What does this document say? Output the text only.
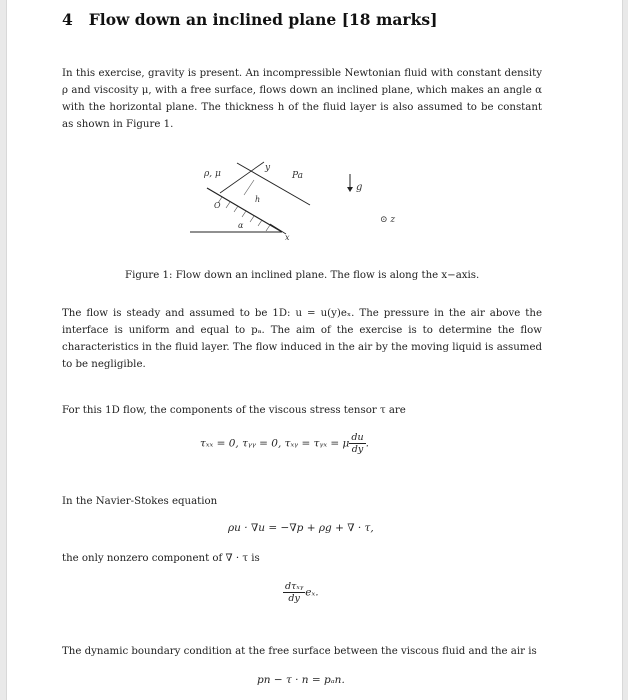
4 Flow down an inclined plane [18 marks]
In this exercise, gravity is present. An incompressible Newtonian fluid with constant density ρ and viscosity μ, with a free surface, flows down an inclined plane, which makes an angle α with the horizontal plane. The thickness h of the fluid layer is also assumed to be constant as shown in Figure 1.
ρ, μ
y
Pa
g
O
h
α
x
⊙ z
Figure 1: Flow down an inclined plane. The flow is along the x−axis.
The flow is steady and assumed to be 1D: u = u(y)eₓ. The pressure in the air above the interface is uniform and equal to pₐ. The aim of the exercise is to determine the flow characteristics in the fluid layer. The flow induced in the air by the moving liquid is assumed to be negligible.
For this 1D flow, the components of the viscous stress tensor τ are
τₓₓ = 0, τᵧᵧ = 0, τₓᵧ = τᵧₓ = μ $\frac{du}{dy}$ .
In the Navier-Stokes equation
ρu · ∇u = −∇p + ρg + ∇ · τ,
the only nonzero component of ∇ · τ is
$\frac{\text{dτₓᵧ}}{dy} e_x$.
The dynamic boundary condition at the free surface between the viscous fluid and the air is
pn − τ · n = pₐn.
